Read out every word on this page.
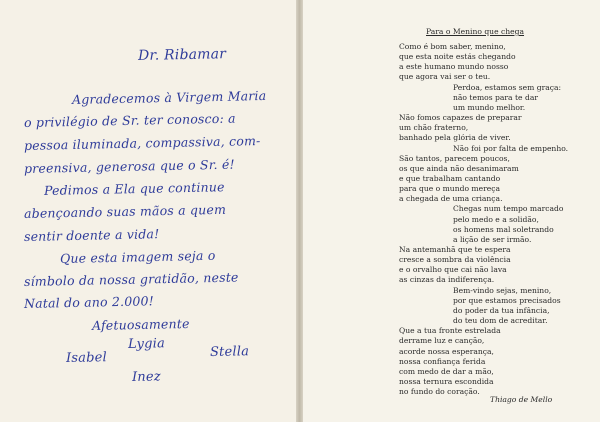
Dr. Ribamar
Agradecemos à Virgem Maria
o privilégio de Sr. ter conosco: a
pessoa iluminada, compassiva, com-
preensiva, generosa que o Sr. é!
Pedimos a Ela que continue
abençoando suas mãos a quem
sentir doente a vida!
Que esta imagem seja o
símbolo da nossa gratidão, neste
Natal do ano 2.000!
Afetuosamente
Lygia
Isabel	Stella
Inez
Para o Menino que chega
Como é bom saber, menino,
que esta noite estás chegando
a este humano mundo nosso
que agora vai ser o teu.
Perdoa, estamos sem graça:
não temos para te dar
um mundo melhor.
Não fomos capazes de preparar
um chão fraterno,
banhado pela glória de viver.
Não foi por falta de empenho.
São tantos, parecem poucos,
os que ainda não desanimaram
e que trabalham cantando
para que o mundo mereça
a chegada de uma criança.
Chegas num tempo marcado
pelo medo e a solidão,
os homens mal soletrando
a lição de ser irmão.
Na antemanhã que te espera
cresce a sombra da violência
e o orvalho que cai não lava
as cinzas da indiferença.
Bem-vindo sejas, menino,
por que estamos precisados
do poder da tua infância,
do teu dom de acreditar.
Que a tua fronte estrelada
derrame luz e canção,
acorde nossa esperança,
nossa confiança ferida
com medo de dar a mão,
nossa ternura escondida
no fundo do coração.
Thiago de Mello
